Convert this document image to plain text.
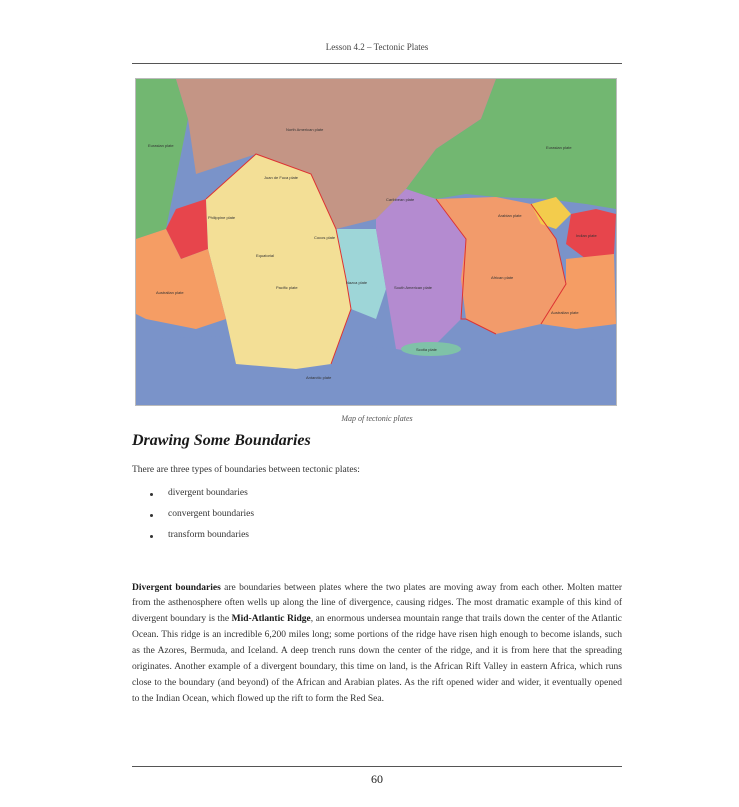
Lesson 4.2 – Tectonic Plates
Eurasian plate
North American plate
Eurasian plate
Juan de Fuca plate
Philippine plate
Caribbean plate
Cocos plate
Equatorial
Pacific plate
Arabian plate
Indian plate
African plate
Australian plate
Nazca plate
South American plate
Australian plate
Scotia plate
Antarctic plate
Map of tectonic plates
Drawing Some Boundaries
There are three types of boundaries between tectonic plates:
divergent boundaries
convergent boundaries
transform boundaries

Divergent boundaries are boundaries between plates where the two plates are moving away from each other. Molten matter from the asthenosphere often wells up along the line of divergence, causing ridges. The most dramatic example of this kind of divergent boundary is the Mid-Atlantic Ridge, an enormous undersea mountain range that trails down the center of the Atlantic Ocean. This ridge is an incredible 6,200 miles long; some portions of the ridge have risen high enough to become islands, such as the Azores, Bermuda, and Iceland. A deep trench runs down the center of the ridge, and it is from here that the spreading originates. Another example of a divergent boundary, this time on land, is the African Rift Valley in eastern Africa, which runs close to the boundary (and beyond) of the African and Arabian plates. As the rift opened wider and wider, it eventually opened to the Indian Ocean, which flowed up the rift to form the Red Sea.

60
